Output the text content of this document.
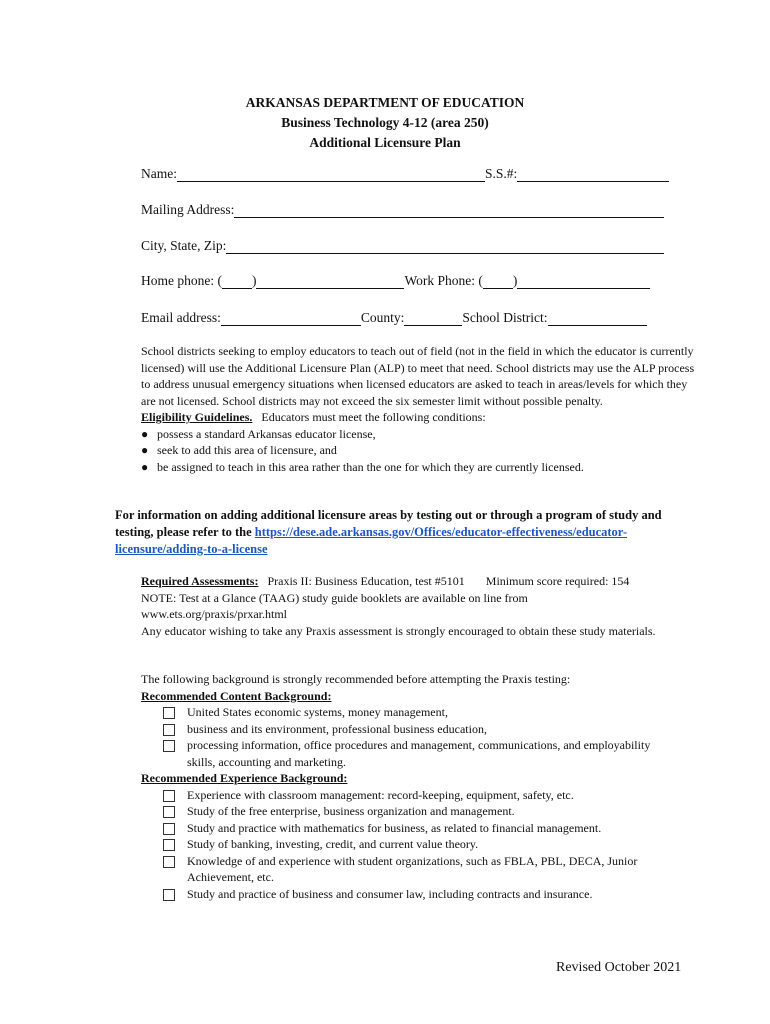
ARKANSAS DEPARTMENT OF EDUCATION
Business Technology 4-12 (area 250)
Additional Licensure Plan
Name:	S.S.#:
Mailing Address:
City, State, Zip:
Home phone: ( )	Work Phone: ( )
Email address:	County:	School District:

School districts seeking to employ educators to teach out of field (not in the field in which the educator is currently licensed) will use the Additional Licensure Plan (ALP) to meet that need. School districts may use the ALP process to address unusual emergency situations when licensed educators are asked to teach in areas/levels for which they are not licensed. School districts may not exceed the six semester limit without possible penalty.

Eligibility Guidelines. Educators must meet the following conditions:

● possess a standard Arkansas educator license,
● seek to add this area of licensure, and
● be assigned to teach in this area rather than the one for which they are currently licensed.
For information on adding additional licensure areas by testing out or through a program of study and testing, please refer to the https://dese.ade.arkansas.gov/Offices/educator-effectiveness/educator-licensure/adding-to-a-license

Required Assessments: Praxis II: Business Education, test #5101 Minimum score required: 154

NOTE: Test at a Glance (TAAG) study guide booklets are available on line from

www.ets.org/praxis/prxar.html

Any educator wishing to take any Praxis assessment is strongly encouraged to obtain these study materials.

The following background is strongly recommended before attempting the Praxis testing:

Recommended Content Background:

United States economic systems, money management,
business and its environment, professional business education,
processing information, office procedures and management, communications, and employability skills, accounting and marketing.

Recommended Experience Background:

Experience with classroom management: record-keeping, equipment, safety, etc.
Study of the free enterprise, business organization and management.
Study and practice with mathematics for business, as related to financial management.
Study of banking, investing, credit, and current value theory.
Knowledge of and experience with student organizations, such as FBLA, PBL, DECA, Junior Achievement, etc.
Study and practice of business and consumer law, including contracts and insurance.
Revised October 2021
